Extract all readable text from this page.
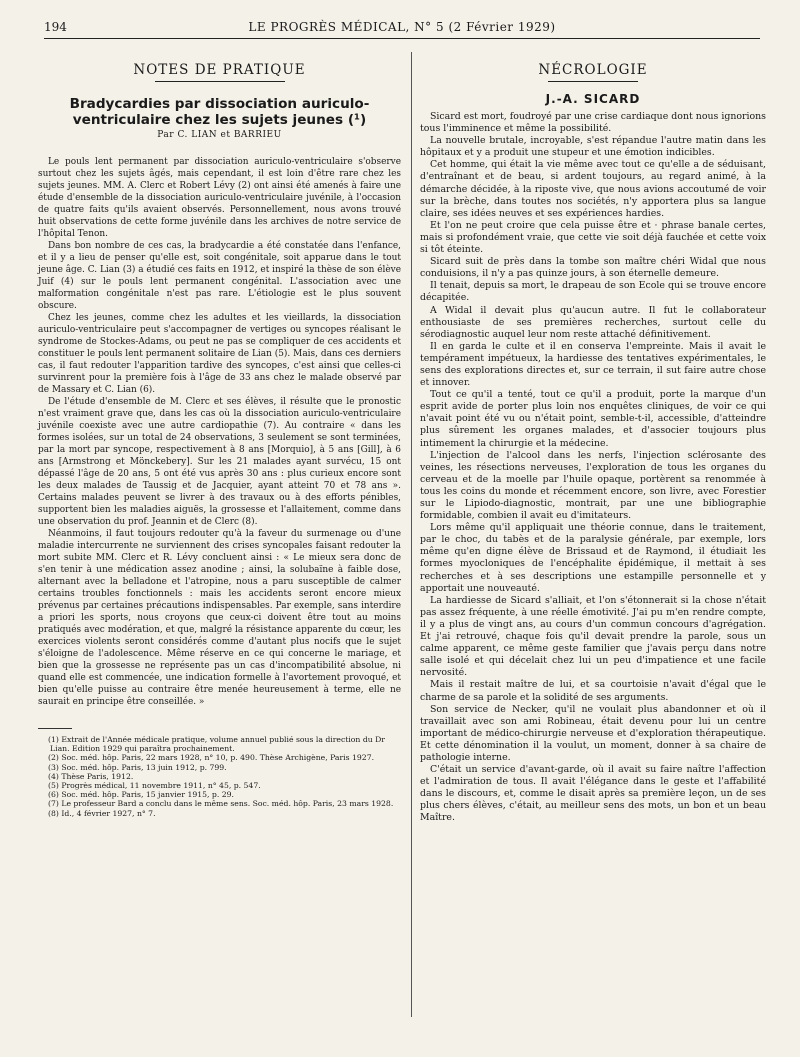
194	LE PROGRÈS MÉDICAL, N° 5 (2 Février 1929)
NOTES DE PRATIQUE
Bradycardies par dissociation auriculo-ventriculaire chez les sujets jeunes (¹)
Par C. LIAN et BARRIEU

Le pouls lent permanent par dissociation auriculo-ventriculaire s'observe surtout chez les sujets âgés, mais cependant, il est loin d'être rare chez les sujets jeunes. MM. A. Clerc et Robert Lévy (2) ont ainsi été amenés à faire une étude d'ensemble de la dissociation auriculo-ventriculaire juvénile, à l'occasion de quatre faits qu'ils avaient observés. Personnellement, nous avons trouvé huit observations de cette forme juvénile dans les archives de notre service de l'hôpital Tenon.

Dans bon nombre de ces cas, la bradycardie a été constatée dans l'enfance, et il y a lieu de penser qu'elle est, soit congénitale, soit apparue dans le tout jeune âge. C. Lian (3) a étudié ces faits en 1912, et inspiré la thèse de son élève Juif (4) sur le pouls lent permanent congénital. L'association avec une malformation congénitale n'est pas rare. L'étiologie est le plus souvent obscure.

Chez les jeunes, comme chez les adultes et les vieillards, la dissociation auriculo-ventriculaire peut s'accompagner de vertiges ou syncopes réalisant le syndrome de Stockes-Adams, ou peut ne pas se compliquer de ces accidents et constituer le pouls lent permanent solitaire de Lian (5). Mais, dans ces derniers cas, il faut redouter l'apparition tardive des syncopes, c'est ainsi que celles-ci survinrent pour la première fois à l'âge de 33 ans chez le malade observé par de Massary et C. Lian (6).

De l'étude d'ensemble de M. Clerc et ses élèves, il résulte que le pronostic n'est vraiment grave que, dans les cas où la dissociation auriculo-ventriculaire juvénile coexiste avec une autre cardiopathie (7). Au contraire « dans les formes isolées, sur un total de 24 observations, 3 seulement se sont terminées, par la mort par syncope, respectivement à 8 ans [Morquio], à 5 ans [Gill], à 6 ans [Armstrong et Mönckebery]. Sur les 21 malades ayant survécu, 15 ont dépassé l'âge de 20 ans, 5 ont été vus après 30 ans : plus curieux encore sont les deux malades de Taussig et de Jacquier, ayant atteint 70 et 78 ans ». Certains malades peuvent se livrer à des travaux ou à des efforts pénibles, supportent bien les maladies aiguës, la grossesse et l'allaitement, comme dans une observation du prof. Jeannin et de Clerc (8).

Néanmoins, il faut toujours redouter qu'à la faveur du surmenage ou d'une maladie intercurrente ne surviennent des crises syncopales faisant redouter la mort subite MM. Clerc et R. Lévy concluent ainsi : « Le mieux sera donc de s'en tenir à une médication assez anodine ; ainsi, la solubaïne à faible dose, alternant avec la belladone et l'atropine, nous a paru susceptible de calmer certains troubles fonctionnels : mais les accidents seront encore mieux prévenus par certaines précautions indispensables. Par exemple, sans interdire a priori les sports, nous croyons que ceux-ci doivent être tout au moins pratiqués avec modération, et que, malgré la résistance apparente du cœur, les exercices violents seront considérés comme d'autant plus nocifs que le sujet s'éloigne de l'adolescence. Même réserve en ce qui concerne le mariage, et bien que la grossesse ne représente pas un cas d'incompatibilité absolue, ni quand elle est commencée, une indication formelle à l'avortement provoqué, et bien qu'elle puisse au contraire être menée heureusement à terme, elle ne saurait en principe être conseillée. »

(1) Extrait de l'Année médicale pratique, volume annuel publié sous la direction du Dr Lian. Edition 1929 qui paraîtra prochainement.

(2) Soc. méd. hôp. Paris, 22 mars 1928, n° 10, p. 490. Thèse Archigène, Paris 1927.

(3) Soc. méd. hôp. Paris, 13 juin 1912, p. 799.

(4) Thèse Paris, 1912.

(5) Progrès médical, 11 novembre 1911, n° 45, p. 547.

(6) Soc. méd. hôp. Paris, 15 janvier 1915, p. 29.

(7) Le professeur Bard a conclu dans le même sens. Soc. méd. hôp. Paris, 23 mars 1928.

(8) Id., 4 février 1927, n° 7.

NÉCROLOGIE
J.-A. SICARD

Sicard est mort, foudroyé par une crise cardiaque dont nous ignorions tous l'imminence et même la possibilité.

La nouvelle brutale, incroyable, s'est répandue l'autre matin dans les hôpitaux et y a produit une stupeur et une émotion indicibles.

Cet homme, qui était la vie même avec tout ce qu'elle a de séduisant, d'entraînant et de beau, si ardent toujours, au regard animé, à la démarche décidée, à la riposte vive, que nous avions accoutumé de voir sur la brèche, dans toutes nos sociétés, n'y apportera plus sa langue claire, ses idées neuves et ses expériences hardies.

Et l'on ne peut croire que cela puisse être et · phrase banale certes, mais si profondément vraie, que cette vie soit déjà fauchée et cette voix si tôt éteinte.

Sicard suit de près dans la tombe son maître chéri Widal que nous conduisions, il n'y a pas quinze jours, à son éternelle demeure.

Il tenait, depuis sa mort, le drapeau de son Ecole qui se trouve encore décapitée.

A Widal il devait plus qu'aucun autre. Il fut le collaborateur enthousiaste de ses premières recherches, surtout celle du sérodiagnostic auquel leur nom reste attaché définitivement.

Il en garda le culte et il en conserva l'empreinte. Mais il avait le tempérament impétueux, la hardiesse des tentatives expérimentales, le sens des explorations directes et, sur ce terrain, il sut faire autre chose et innover.

Tout ce qu'il a tenté, tout ce qu'il a produit, porte la marque d'un esprit avide de porter plus loin nos enquêtes cliniques, de voir ce qui n'avait point été vu ou n'était point, semble-t-il, accessible, d'atteindre plus sûrement les organes malades, et d'associer toujours plus intimement la chirurgie et la médecine.

L'injection de l'alcool dans les nerfs, l'injection sclérosante des veines, les résections nerveuses, l'exploration de tous les organes du cerveau et de la moelle par l'huile opaque, portèrent sa renommée à tous les coins du monde et récemment encore, son livre, avec Forestier sur le Lipiodo-diagnostic, montrait, par une une bibliographie formidable, combien il avait eu d'imitateurs.

Lors même qu'il appliquait une théorie connue, dans le traitement, par le choc, du tabès et de la paralysie générale, par exemple, lors même qu'en digne élève de Brissaud et de Raymond, il étudiait les formes myocloniques de l'encéphalite épidémique, il mettait à ses recherches et à ses descriptions une estampille personnelle et y apportait une nouveauté.

La hardiesse de Sicard s'alliait, et l'on s'étonnerait si la chose n'était pas assez fréquente, à une réelle émotivité. J'ai pu m'en rendre compte, il y a plus de vingt ans, au cours d'un commun concours d'agrégation. Et j'ai retrouvé, chaque fois qu'il devait prendre la parole, sous un calme apparent, ce même geste familier que j'avais perçu dans notre salle isolé et qui décelait chez lui un peu d'impatience et une facile nervosité.

Mais il restait maître de lui, et sa courtoisie n'avait d'égal que le charme de sa parole et la solidité de ses arguments.

Son service de Necker, qu'il ne voulait plus abandonner et où il travaillait avec son ami Robineau, était devenu pour lui un centre important de médico-chirurgie nerveuse et d'exploration thérapeutique. Et cette dénomination il la voulut, un moment, donner à sa chaire de pathologie interne.

C'était un service d'avant-garde, où il avait su faire naître l'affection et l'admiration de tous. Il avait l'élégance dans le geste et l'affabilité dans le discours, et, comme le disait après sa première leçon, un de ses plus chers élèves, c'était, au meilleur sens des mots, un bon et un beau Maître.
